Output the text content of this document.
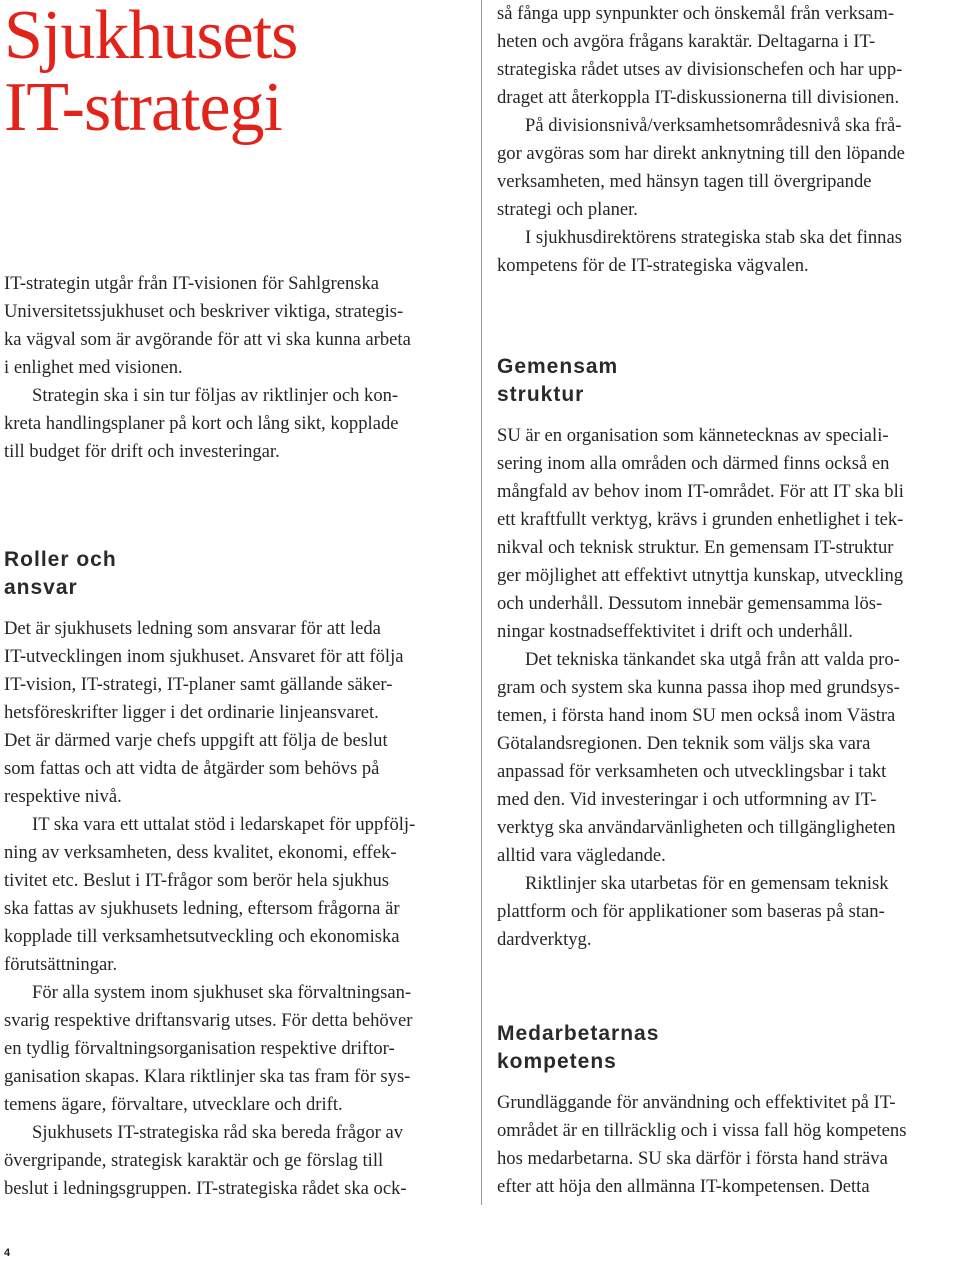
Sjukhusets
IT-strategi

IT-strategin utgår från IT-visionen för Sahlgrenska

Universitetssjukhuset och beskriver viktiga, strategis-

ka vägval som är avgörande för att vi ska kunna arbeta

i enlighet med visionen.

Strategin ska i sin tur följas av riktlinjer och kon-

kreta handlingsplaner på kort och lång sikt, kopplade

till budget för drift och investeringar.

Roller och
ansvar

Det är sjukhusets ledning som ansvarar för att leda

IT-utvecklingen inom sjukhuset. Ansvaret för att följa

IT-vision, IT-strategi, IT-planer samt gällande säker-

hetsföreskrifter ligger i det ordinarie linjeansvaret.

Det är därmed varje chefs uppgift att följa de beslut

som fattas och att vidta de åtgärder som behövs på

respektive nivå.

IT ska vara ett uttalat stöd i ledarskapet för uppfölj-

ning av verksamheten, dess kvalitet, ekonomi, effek-

tivitet etc. Beslut i IT-frågor som berör hela sjukhus

ska fattas av sjukhusets ledning, eftersom frågorna är

kopplade till verksamhetsutveckling och ekonomiska

förutsättningar.

För alla system inom sjukhuset ska förvaltningsan-

svarig respektive driftansvarig utses. För detta behöver

en tydlig förvaltningsorganisation respektive driftor-

ganisation skapas. Klara riktlinjer ska tas fram för sys-

temens ägare, förvaltare, utvecklare och drift.

Sjukhusets IT-strategiska råd ska bereda frågor av

övergripande, strategisk karaktär och ge förslag till

beslut i ledningsgruppen. IT-strategiska rådet ska ock-

så fånga upp synpunkter och önskemål från verksam-

heten och avgöra frågans karaktär. Deltagarna i IT-

strategiska rådet utses av divisionschefen och har upp-

draget att återkoppla IT-diskussionerna till divisionen.

På divisionsnivå/verksamhetsområdesnivå ska frå-

gor avgöras som har direkt anknytning till den löpande

verksamheten, med hänsyn tagen till övergripande

strategi och planer.

I sjukhusdirektörens strategiska stab ska det finnas

kompetens för de IT-strategiska vägvalen.

Gemensam
struktur

SU är en organisation som kännetecknas av speciali-

sering inom alla områden och därmed finns också en

mångfald av behov inom IT-området. För att IT ska bli

ett kraftfullt verktyg, krävs i grunden enhetlighet i tek-

nikval och teknisk struktur. En gemensam IT-struktur

ger möjlighet att effektivt utnyttja kunskap, utveckling

och underhåll. Dessutom innebär gemensamma lös-

ningar kostnadseffektivitet i drift och underhåll.

Det tekniska tänkandet ska utgå från att valda pro-

gram och system ska kunna passa ihop med grundsys-

temen, i första hand inom SU men också inom Västra

Götalandsregionen. Den teknik som väljs ska vara

anpassad för verksamheten och utvecklingsbar i takt

med den. Vid investeringar i och utformning av IT-

verktyg ska användarvänligheten och tillgängligheten

alltid vara vägledande.

Riktlinjer ska utarbetas för en gemensam teknisk

plattform och för applikationer som baseras på stan-

dardverktyg.

Medarbetarnas
kompetens

Grundläggande för användning och effektivitet på IT-

området är en tillräcklig och i vissa fall hög kompetens

hos medarbetarna. SU ska därför i första hand sträva

efter att höja den allmänna IT-kompetensen. Detta

4
